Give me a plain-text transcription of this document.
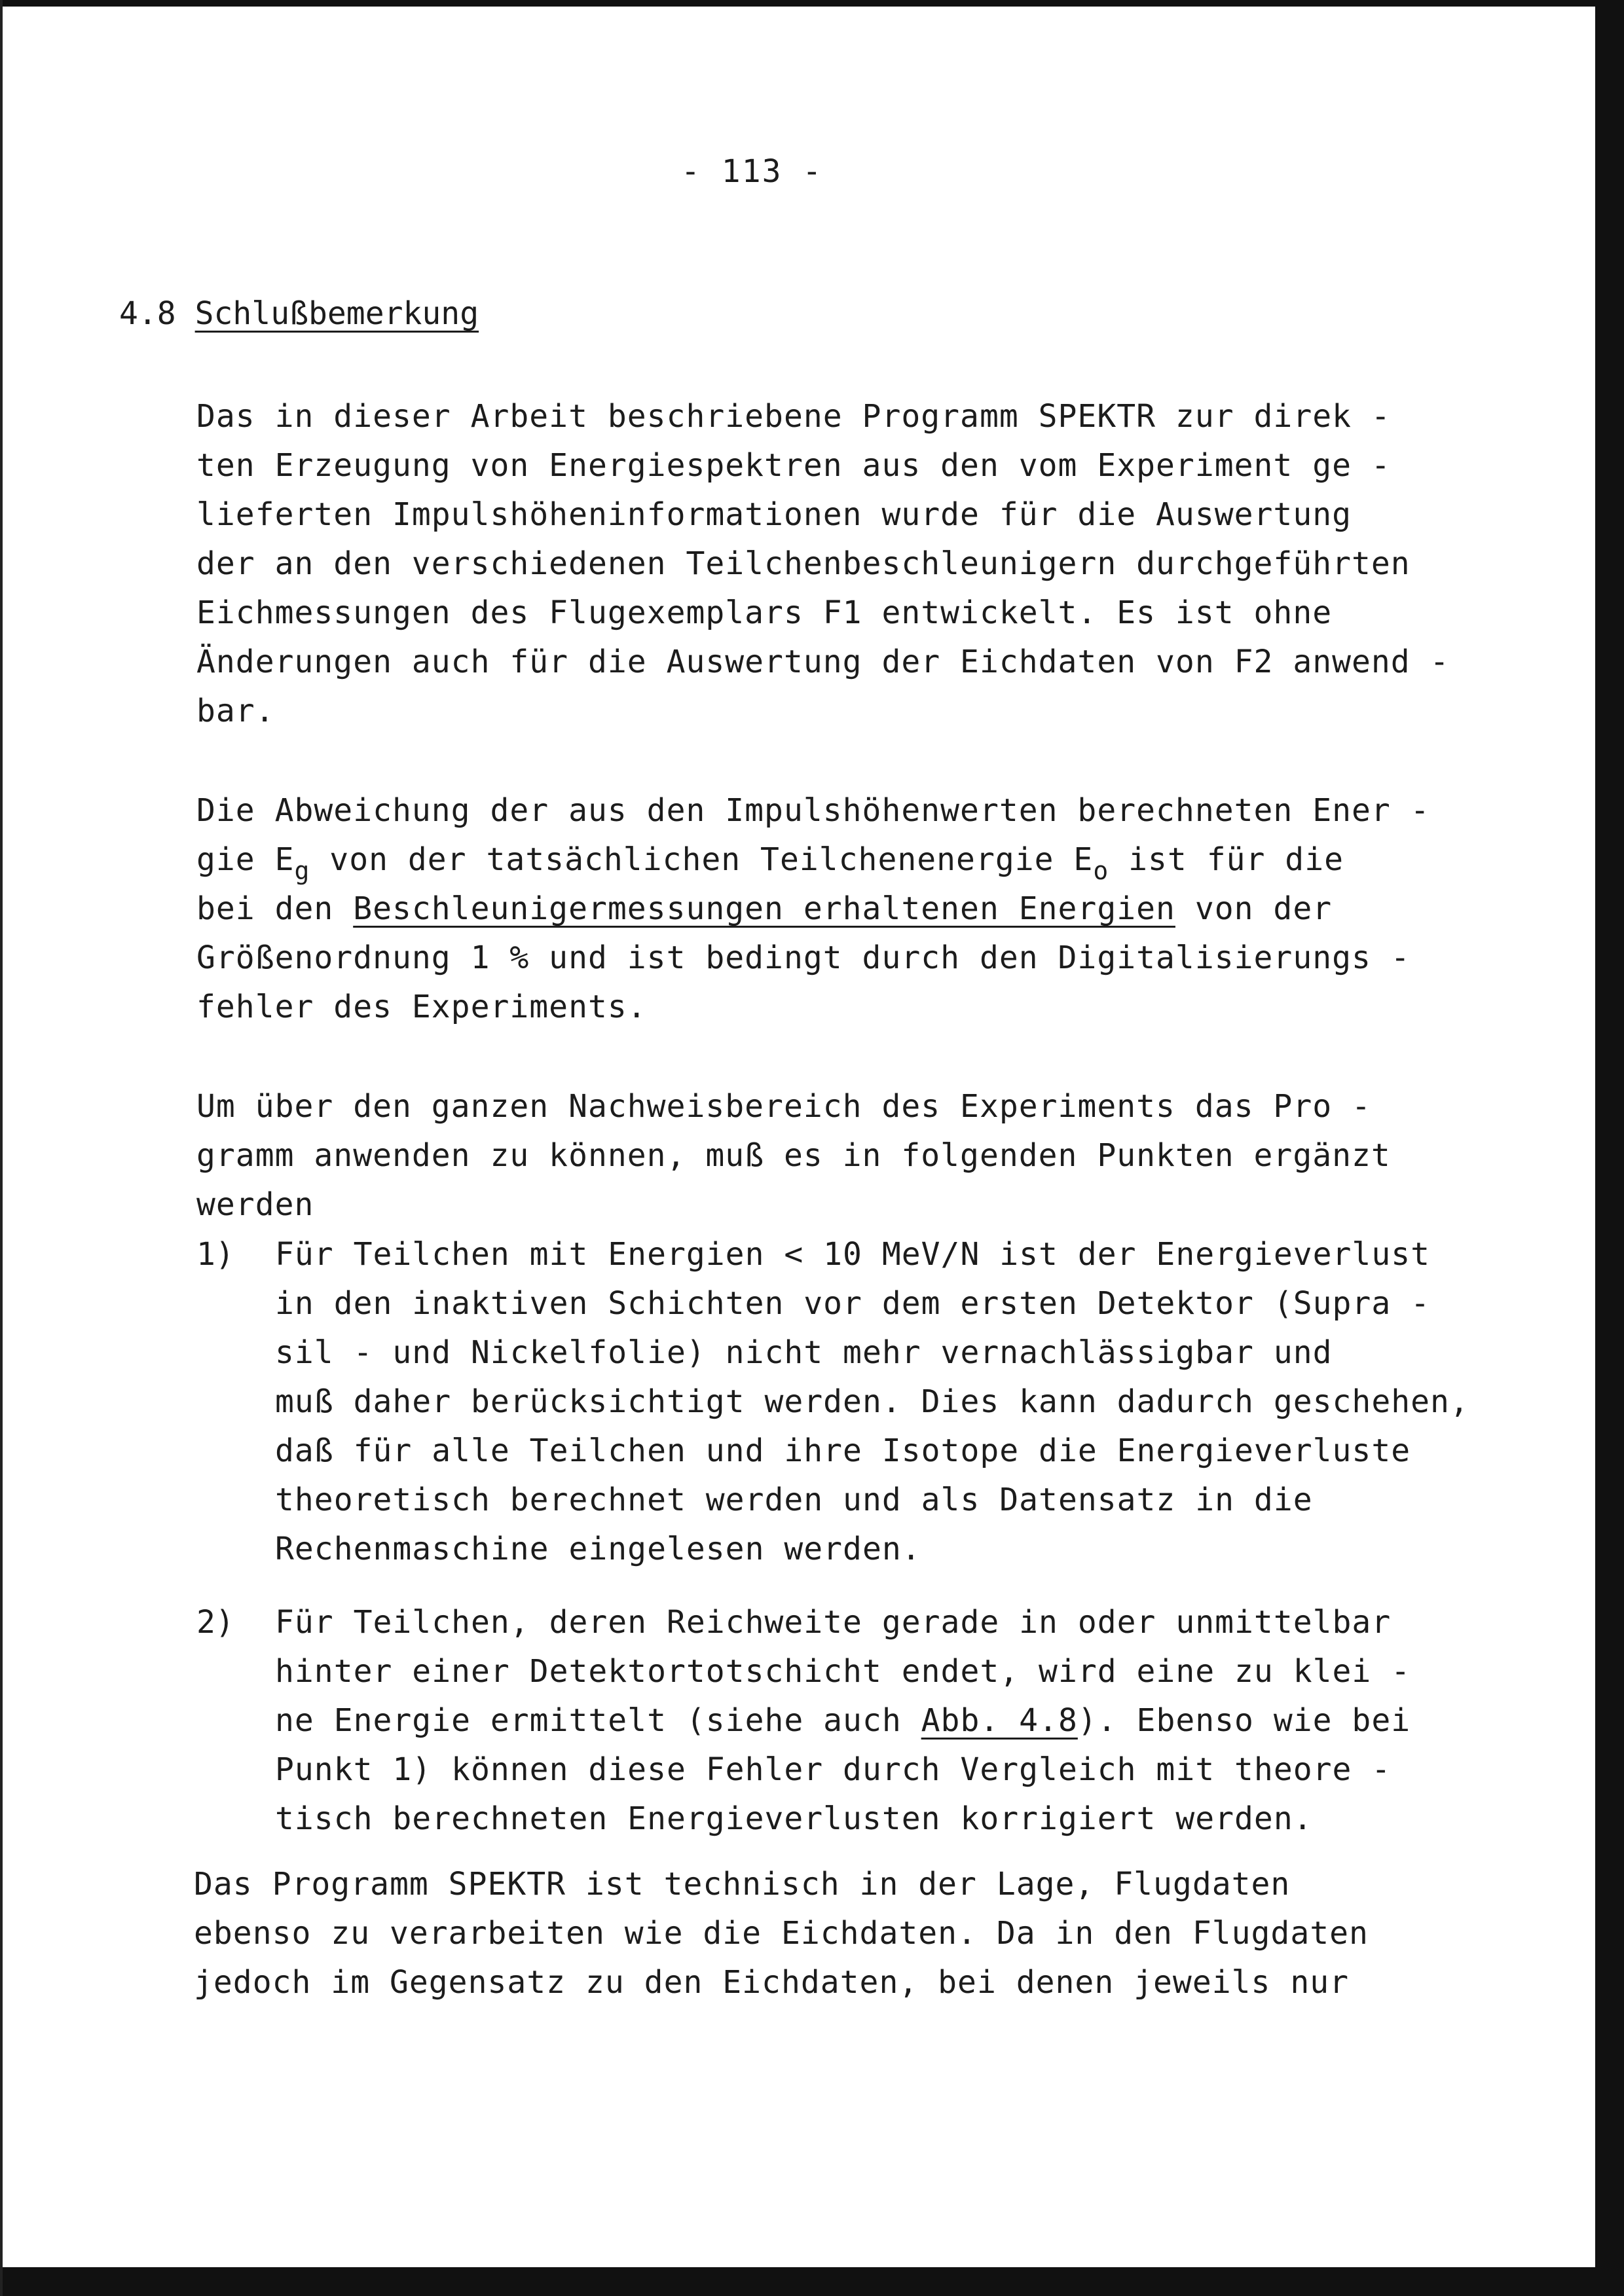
- 113 -
4.8 Schlußbemerkung
Das in dieser Arbeit beschriebene Programm SPEKTR zur direk -
ten Erzeugung von Energiespektren aus den vom Experiment ge -
lieferten Impulshöheninformationen wurde für die Auswertung
der an den verschiedenen Teilchenbeschleunigern durchgeführten
Eichmessungen des Flugexemplars F1 entwickelt. Es ist ohne
Änderungen auch für die Auswertung der Eichdaten von F2 anwend -
bar.
Die Abweichung der aus den Impulshöhenwerten berechneten Ener -
gie $E_g$ von der tatsächlichen Teilchenenergie $E_o$ ist für die
bei den Beschleunigermessungen erhaltenen Energien von der
Größenordnung 1 % und ist bedingt durch den Digitalisierungs -
fehler des Experiments.
Um über den ganzen Nachweisbereich des Experiments das Pro -
gramm anwenden zu können, muß es in folgenden Punkten ergänzt
werden
1) Für Teilchen mit Energien < 10 MeV/N ist der Energieverlust
in den inaktiven Schichten vor dem ersten Detektor (Supra -
sil - und Nickelfolie) nicht mehr vernachlässigbar und
muß daher berücksichtigt werden. Dies kann dadurch geschehen,
daß für alle Teilchen und ihre Isotope die Energieverluste
theoretisch berechnet werden und als Datensatz in die
Rechenmaschine eingelesen werden.
2) Für Teilchen, deren Reichweite gerade in oder unmittelbar
hinter einer Detektortotschicht endet, wird eine zu klei -
ne Energie ermittelt (siehe auch Abb. 4.8). Ebenso wie bei
Punkt 1) können diese Fehler durch Vergleich mit theore -
tisch berechneten Energieverlusten korrigiert werden.
Das Programm SPEKTR ist technisch in der Lage, Flugdaten
ebenso zu verarbeiten wie die Eichdaten. Da in den Flugdaten
jedoch im Gegensatz zu den Eichdaten, bei denen jeweils nur
